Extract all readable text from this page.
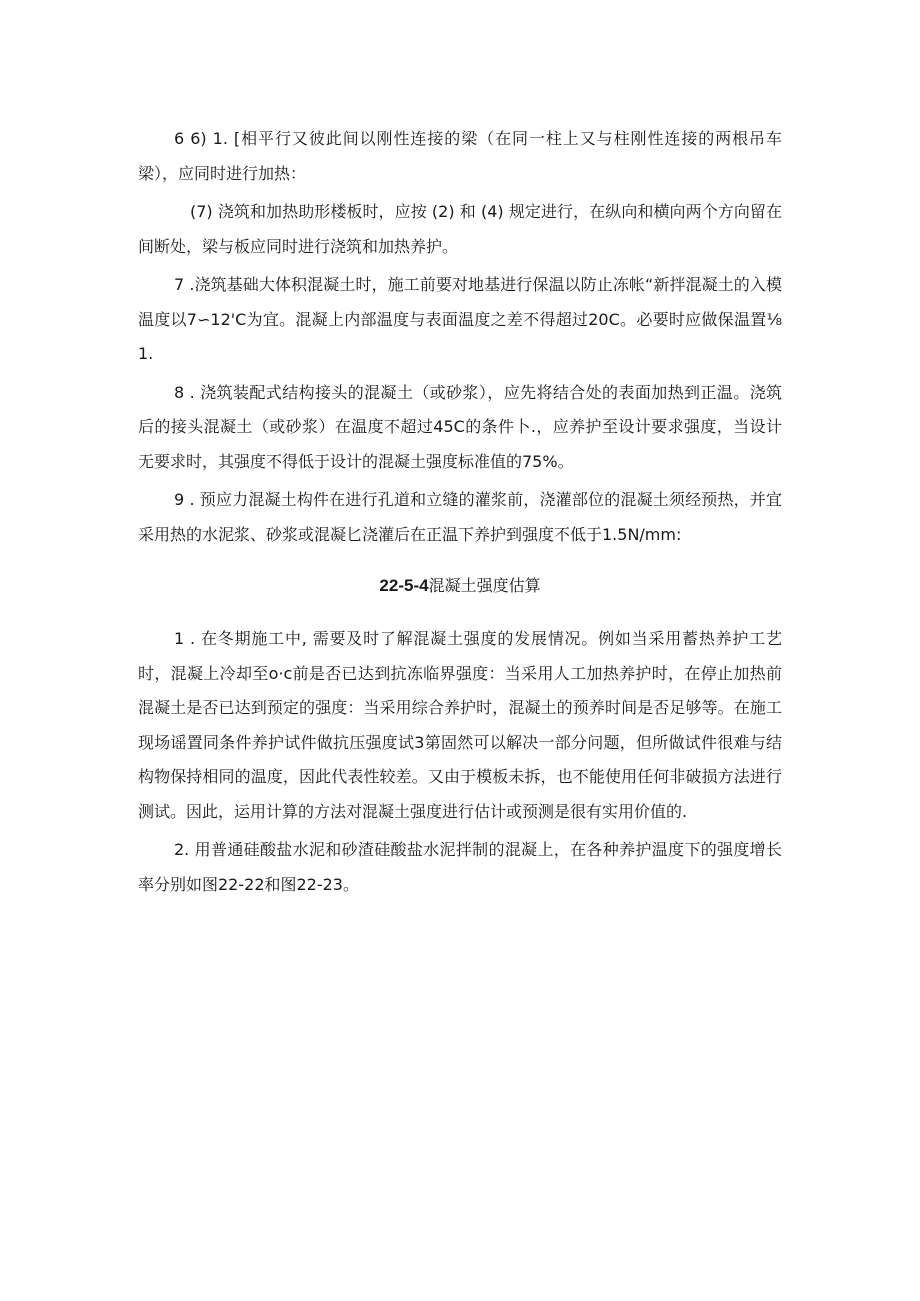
6 6) 1. [相平行又彼此间以刚性连接的梁（在同一柱上又与柱刚性连接的两根吊车梁），应同时进行加热：

(7) 浇筑和加热助形楼板时，应按 (2) 和 (4) 规定进行，在纵向和横向两个方向留在间断处，梁与板应同时进行浇筑和加热养护。

7 .浇筑基础大体积混凝土时，施工前要对地基进行保温以防止冻帐“新拌混凝土的入模温度以7∽12'C为宜。混凝上内部温度与表面温度之差不得超过20C。必要时应做保温置⅛1.

8 . 浇筑装配式结构接头的混凝土（或砂浆），应先将结合处的表面加热到正温。浇筑后的接头混凝土（或砂浆）在温度不超过45C的条件卜.，应养护至设计要求强度，当设计无要求时，其强度不得低于设计的混凝土强度标准值的75%。

9 . 预应力混凝土构件在进行孔道和立缝的灌浆前，浇灌部位的混凝土须经预热，并宜采用热的水泥浆、砂浆或混凝匕浇灌后在正温下养护到强度不低于1.5N/mm:

22-5-4混凝土强度估算

1 . 在冬期施工中, 需要及时了解混凝土强度的发展情况。例如当采用蓄热养护工艺时，混凝上冷却至o·c前是否已达到抗冻临界强度：当采用人工加热养护时，在停止加热前混凝土是否已达到预定的强度：当采用综合养护时，混凝土的预养时间是否足够等。在施工现场谣置同条件养护试件做抗压强度试3第固然可以解决一部分问题，但所做试件很难与结构物保持相同的温度，因此代表性较差。又由于模板未拆，也不能使用任何非破损方法进行测试。因此，运用计算的方法对混凝土强度进行估计或预测是很有实用价值的.

2. 用普通硅酸盐水泥和砂渣硅酸盐水泥拌制的混凝上，在各种养护温度下的强度增长率分别如图22-22和图22-23。
